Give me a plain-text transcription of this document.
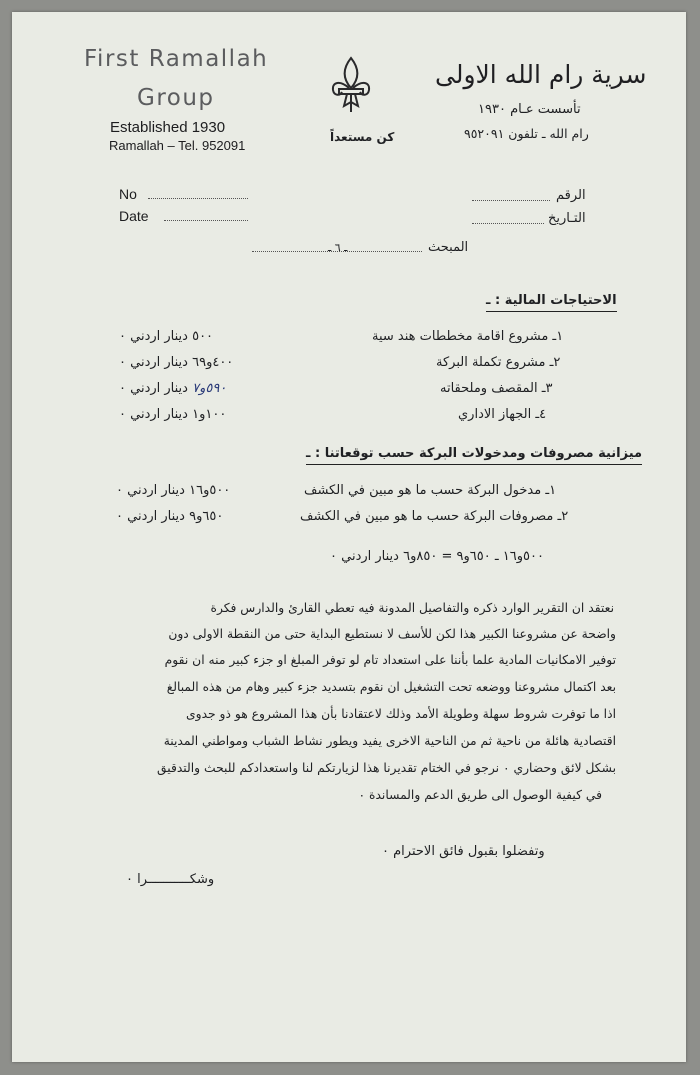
First Ramallah
Group
Established 1930
Ramallah – Tel. 952091
كن مستعداً
سرية رام الله الاولى
تأسست عـام ١٩٣٠
رام الله ـ تلفون ٩٥٢٠٩١
No
Date
الرقم
التـاريخ
المبحث
ـ ٦ ـ
الاحتياجات المالية : ـ
١ـ مشروع اقامة مخططات هند سية
٥٠٠ دينار اردني ٠
٢ـ مشروع تكملة البركة
٤٠٠و٦٩ دينار اردني ٠
٣ـ المقصف وملحقاته
٥٩٠و٧ دينار اردني ٠
٤ـ الجهاز الاداري
١٠٠و١ دينار اردني ٠
ميزانية مصروفات ومدخولات البركة حسب توقعاتنا : ـ
١ـ مدخول البركة حسب ما هو مبين في الكشف
٥٠٠و١٦ دينار اردني ٠
٢ـ مصروفات البركة حسب ما هو مبين في الكشف
٦٥٠و٩ دينار اردني ٠
٥٠٠و١٦ ـ ٦٥٠و٩ = ٨٥٠و٦ دينار اردني ٠
نعتقد ان التقرير الوارد ذكره والتفاصيل المدونة فيه تعطي القارئ والدارس فكرة
واضحة عن مشروعنا الكبير هذا لكن للأسف لا نستطيع البداية حتى من النقطة الاولى دون
توفير الامكانيات المادية علما بأننا على استعداد تام لو توفر المبلغ او جزء كبير منه ان نقوم
بعد اكتمال مشروعنا ووضعه تحت التشغيل ان نقوم بتسديد جزء كبير وهام من هذه المبالغ
اذا ما توفرت شروط سهلة وطويلة الأمد وذلك لاعتقادنا بأن هذا المشروع هو ذو جدوى
اقتصادية هائلة من ناحية ثم من الناحية الاخرى يفيد ويطور نشاط الشباب ومواطني المدينة
بشكل لائق وحضاري ٠ نرجو في الختام تقديرنا هذا لزيارتكم لنا واستعدادكم للبحث والتدقيق
في كيفية الوصول الى طريق الدعم والمساندة ٠
وتفضلوا بقبول فائق الاحترام ٠
وشكـــــــــــرا ٠
